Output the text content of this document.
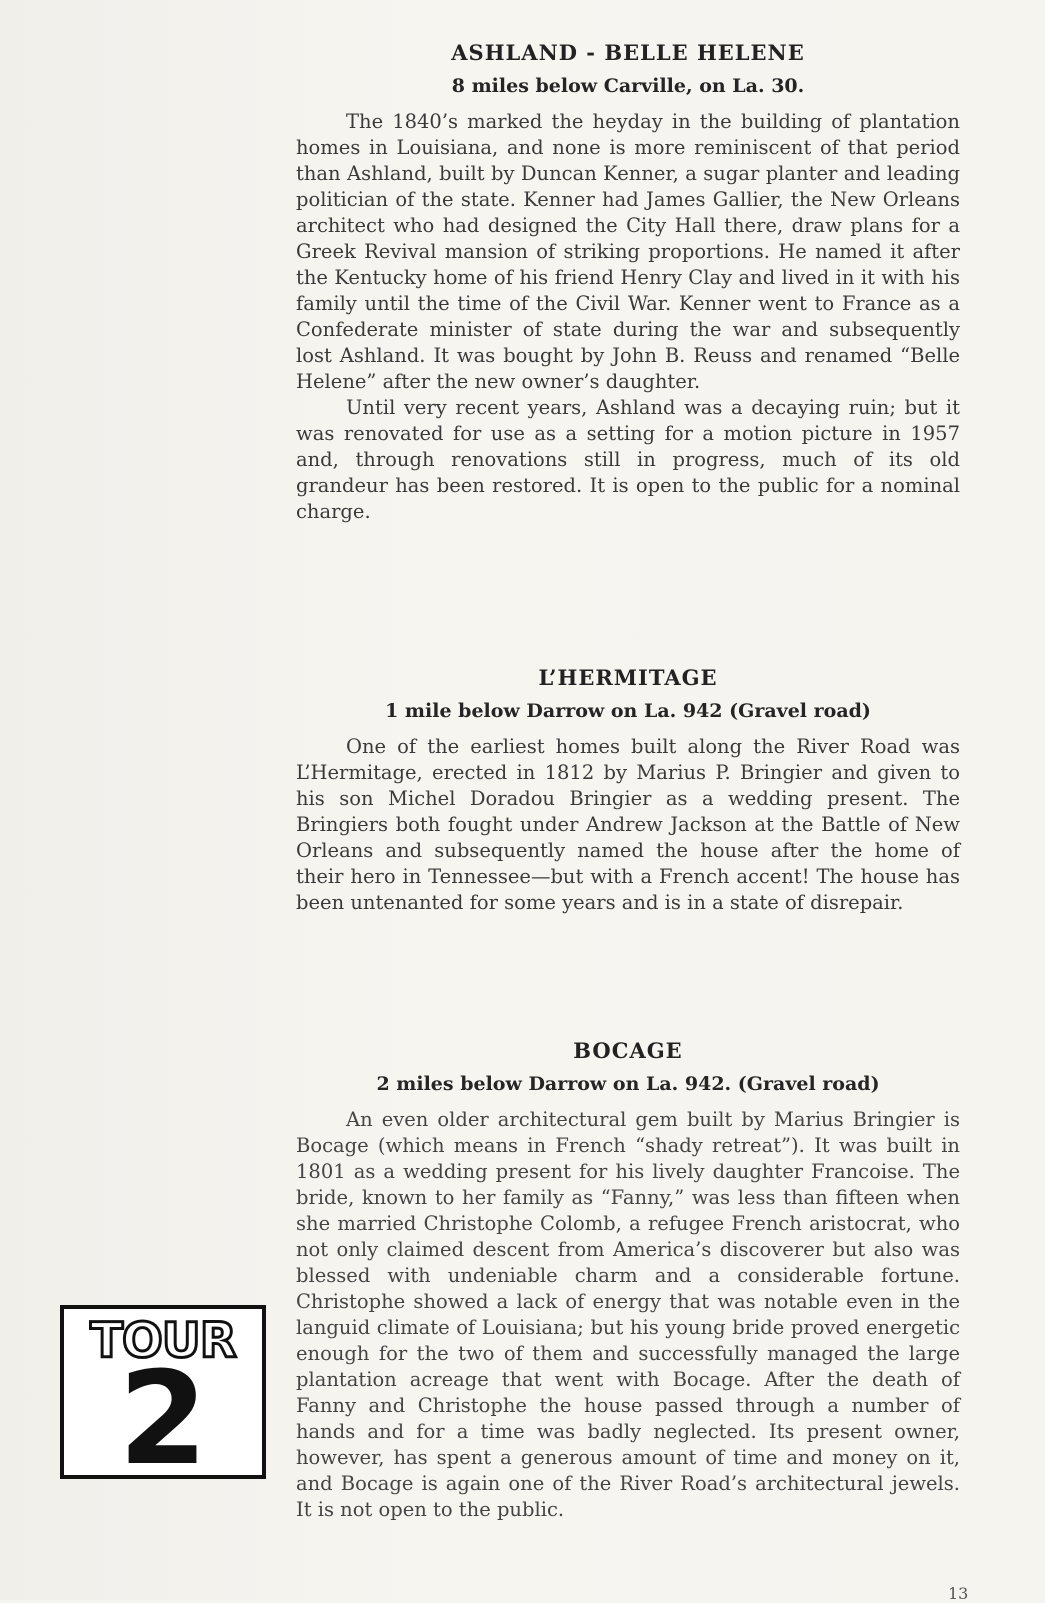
ASHLAND - BELLE HELENE
8 miles below Carville, on La. 30.

The 1840’s marked the heyday in the building of plantation homes in Louisiana, and none is more reminiscent of that period than Ashland, built by Duncan Kenner, a sugar planter and leading politician of the state. Kenner had James Gallier, the New Orleans architect who had designed the City Hall there, draw plans for a Greek Revival mansion of striking proportions. He named it after the Kentucky home of his friend Henry Clay and lived in it with his family until the time of the Civil War. Kenner went to France as a Confederate minister of state during the war and subsequently lost Ashland. It was bought by John B. Reuss and renamed “Belle Helene” after the new owner’s daughter.

Until very recent years, Ashland was a decaying ruin; but it was renovated for use as a setting for a motion picture in 1957 and, through renovations still in progress, much of its old grandeur has been restored. It is open to the public for a nominal charge.

L’HERMITAGE
1 mile below Darrow on La. 942 (Gravel road)

One of the earliest homes built along the River Road was L’Hermitage, erected in 1812 by Marius P. Bringier and given to his son Michel Doradou Bringier as a wedding present. The Bringiers both fought under Andrew Jackson at the Battle of New Orleans and subsequently named the house after the home of their hero in Tennessee—but with a French accent! The house has been untenanted for some years and is in a state of disrepair.

BOCAGE
2 miles below Darrow on La. 942. (Gravel road)

An even older architectural gem built by Marius Bringier is Bocage (which means in French “shady retreat”). It was built in 1801 as a wedding present for his lively daughter Francoise. The bride, known to her family as “Fanny,” was less than fifteen when she married Christophe Colomb, a refugee French aristocrat, who not only claimed descent from America’s discoverer but also was blessed with undeniable charm and a considerable fortune. Christophe showed a lack of energy that was notable even in the languid climate of Louisiana; but his young bride proved energetic enough for the two of them and successfully managed the large plantation acreage that went with Bocage. After the death of Fanny and Christophe the house passed through a number of hands and for a time was badly neglected. Its present owner, however, has spent a generous amount of time and money on it, and Bocage is again one of the River Road’s architectural jewels. It is not open to the public.

TOUR
2
13
